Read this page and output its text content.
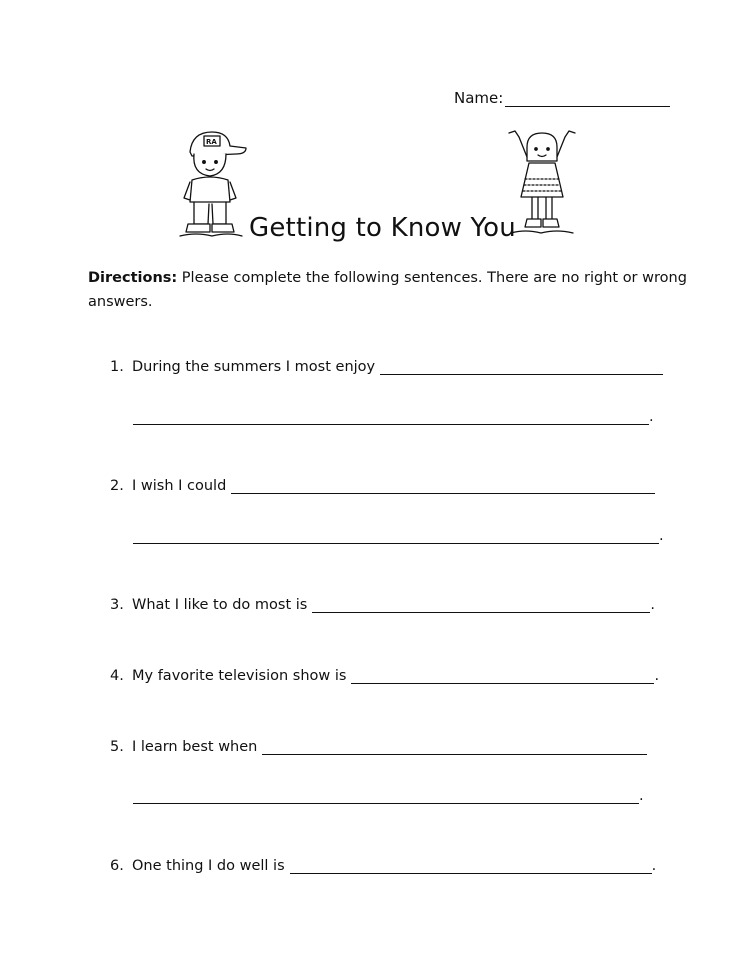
Name:
RA
Getting to Know You
Directions: Please complete the following sentences. There are no right or wrong answers.
1. During the summers I most enjoy
.
2. I wish I could
.
3. What I like to do most is	.
4. My favorite television show is	.
5. I learn best when
.
6. One thing I do well is	.
